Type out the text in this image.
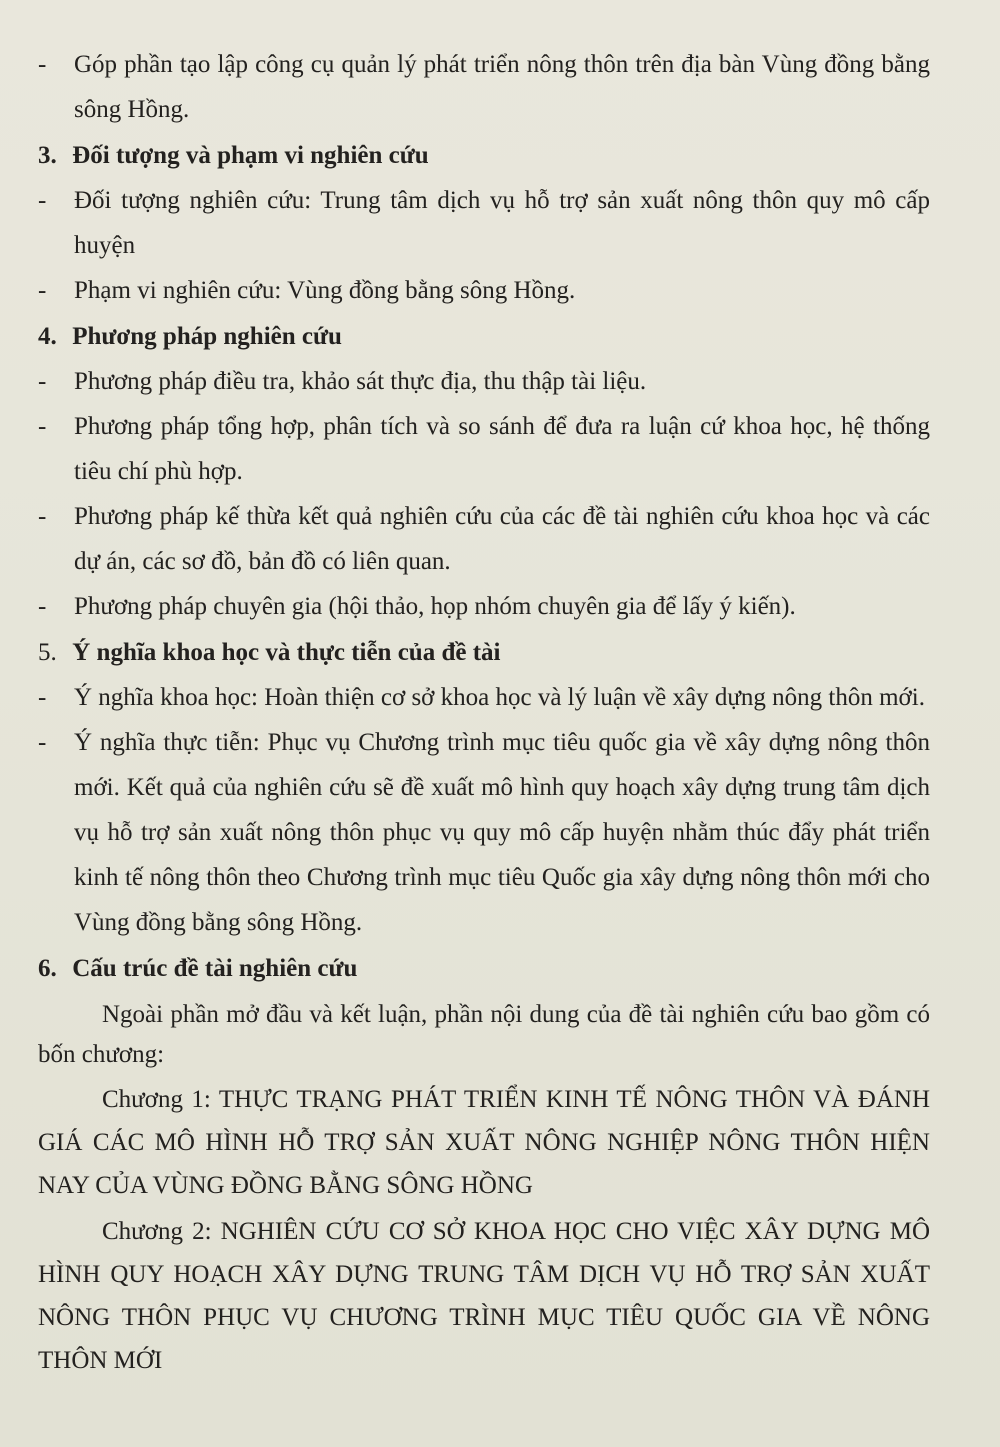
- Góp phần tạo lập công cụ quản lý phát triển nông thôn trên địa bàn Vùng đồng bằng sông Hồng.
3. Đối tượng và phạm vi nghiên cứu
- Đối tượng nghiên cứu: Trung tâm dịch vụ hỗ trợ sản xuất nông thôn quy mô cấp huyện
- Phạm vi nghiên cứu: Vùng đồng bằng sông Hồng.
4. Phương pháp nghiên cứu
- Phương pháp điều tra, khảo sát thực địa, thu thập tài liệu.
- Phương pháp tổng hợp, phân tích và so sánh để đưa ra luận cứ khoa học, hệ thống tiêu chí phù hợp.
- Phương pháp kế thừa kết quả nghiên cứu của các đề tài nghiên cứu khoa học và các dự án, các sơ đồ, bản đồ có liên quan.
- Phương pháp chuyên gia (hội thảo, họp nhóm chuyên gia để lấy ý kiến).
5. Ý nghĩa khoa học và thực tiễn của đề tài
- Ý nghĩa khoa học: Hoàn thiện cơ sở khoa học và lý luận về xây dựng nông thôn mới.
- Ý nghĩa thực tiễn: Phục vụ Chương trình mục tiêu quốc gia về xây dựng nông thôn mới. Kết quả của nghiên cứu sẽ đề xuất mô hình quy hoạch xây dựng trung tâm dịch vụ hỗ trợ sản xuất nông thôn phục vụ quy mô cấp huyện nhằm thúc đẩy phát triển kinh tế nông thôn theo Chương trình mục tiêu Quốc gia xây dựng nông thôn mới cho Vùng đồng bằng sông Hồng.
6. Cấu trúc đề tài nghiên cứu
Ngoài phần mở đầu và kết luận, phần nội dung của đề tài nghiên cứu bao gồm có bốn chương:
Chương 1: THỰC TRẠNG PHÁT TRIỂN KINH TẾ NÔNG THÔN VÀ ĐÁNH GIÁ CÁC MÔ HÌNH HỖ TRỢ SẢN XUẤT NÔNG NGHIỆP NÔNG THÔN HIỆN NAY CỦA VÙNG ĐỒNG BẰNG SÔNG HỒNG
Chương 2: NGHIÊN CỨU CƠ SỞ KHOA HỌC CHO VIỆC XÂY DỰNG MÔ HÌNH QUY HOẠCH XÂY DỰNG TRUNG TÂM DỊCH VỤ HỖ TRỢ SẢN XUẤT NÔNG THÔN PHỤC VỤ CHƯƠNG TRÌNH MỤC TIÊU QUỐC GIA VỀ NÔNG THÔN MỚI
